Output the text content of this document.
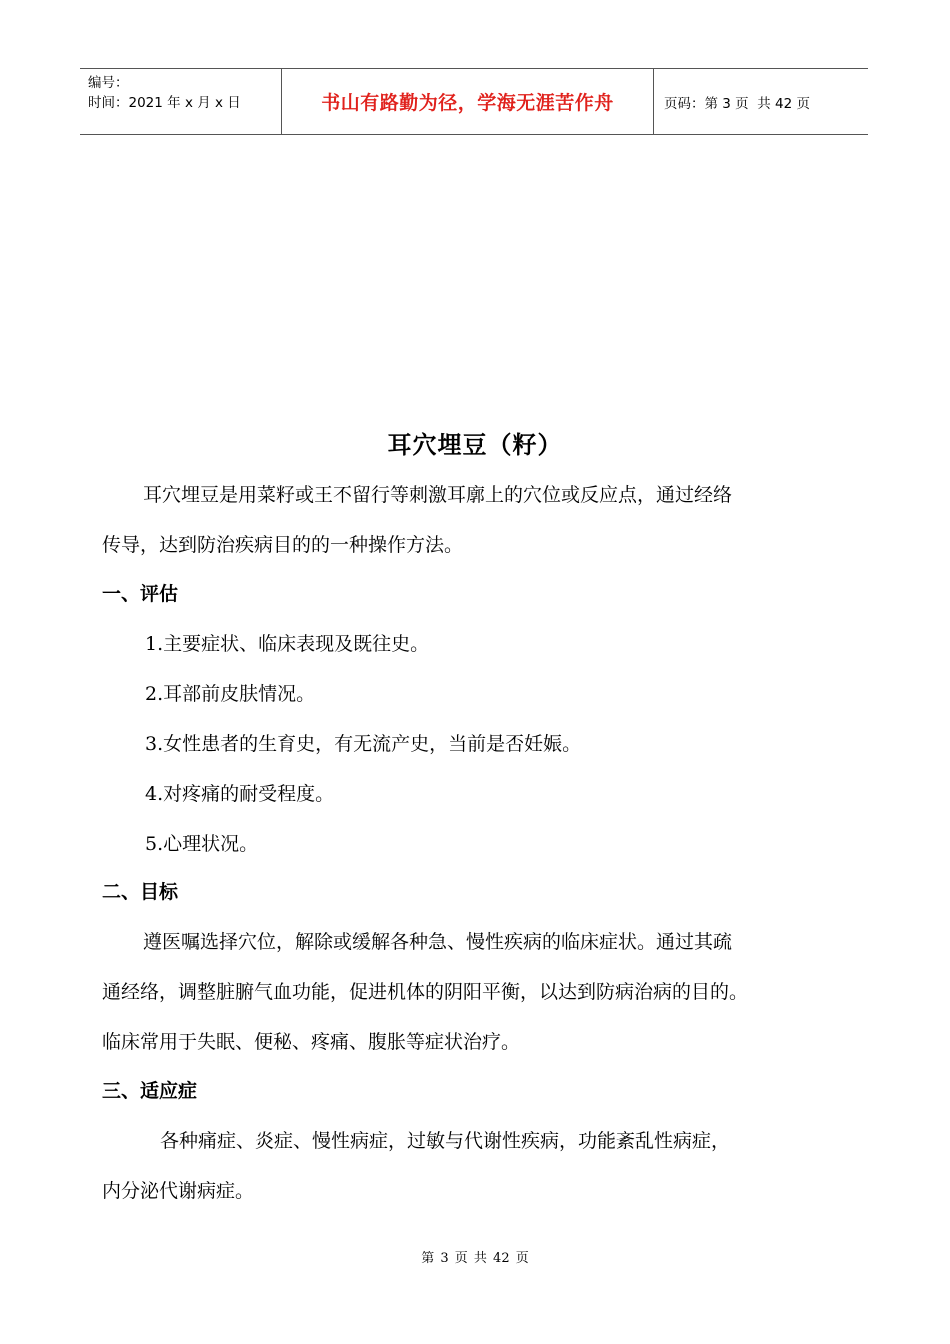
编号：
时间：2021 年 x 月 x 日	书山有路勤为径，学海无涯苦作舟	页码：第 3 页  共 42 页
耳穴埋豆（籽）
耳穴埋豆是用菜籽或王不留行等刺激耳廓上的穴位或反应点，通过经络
传导，达到防治疾病目的的一种操作方法。
一、评估
1.主要症状、临床表现及既往史。
2.耳部前皮肤情况。
3.女性患者的生育史，有无流产史，当前是否妊娠。
4.对疼痛的耐受程度。
5.心理状况。
二、目标
遵医嘱选择穴位，解除或缓解各种急、慢性疾病的临床症状。通过其疏
通经络，调整脏腑气血功能，促进机体的阴阳平衡，以达到防病治病的目的。
临床常用于失眠、便秘、疼痛、腹胀等症状治疗。
三、适应症
各种痛症、炎症、慢性病症，过敏与代谢性疾病，功能紊乱性病症，
内分泌代谢病症。
第 3 页 共 42 页
